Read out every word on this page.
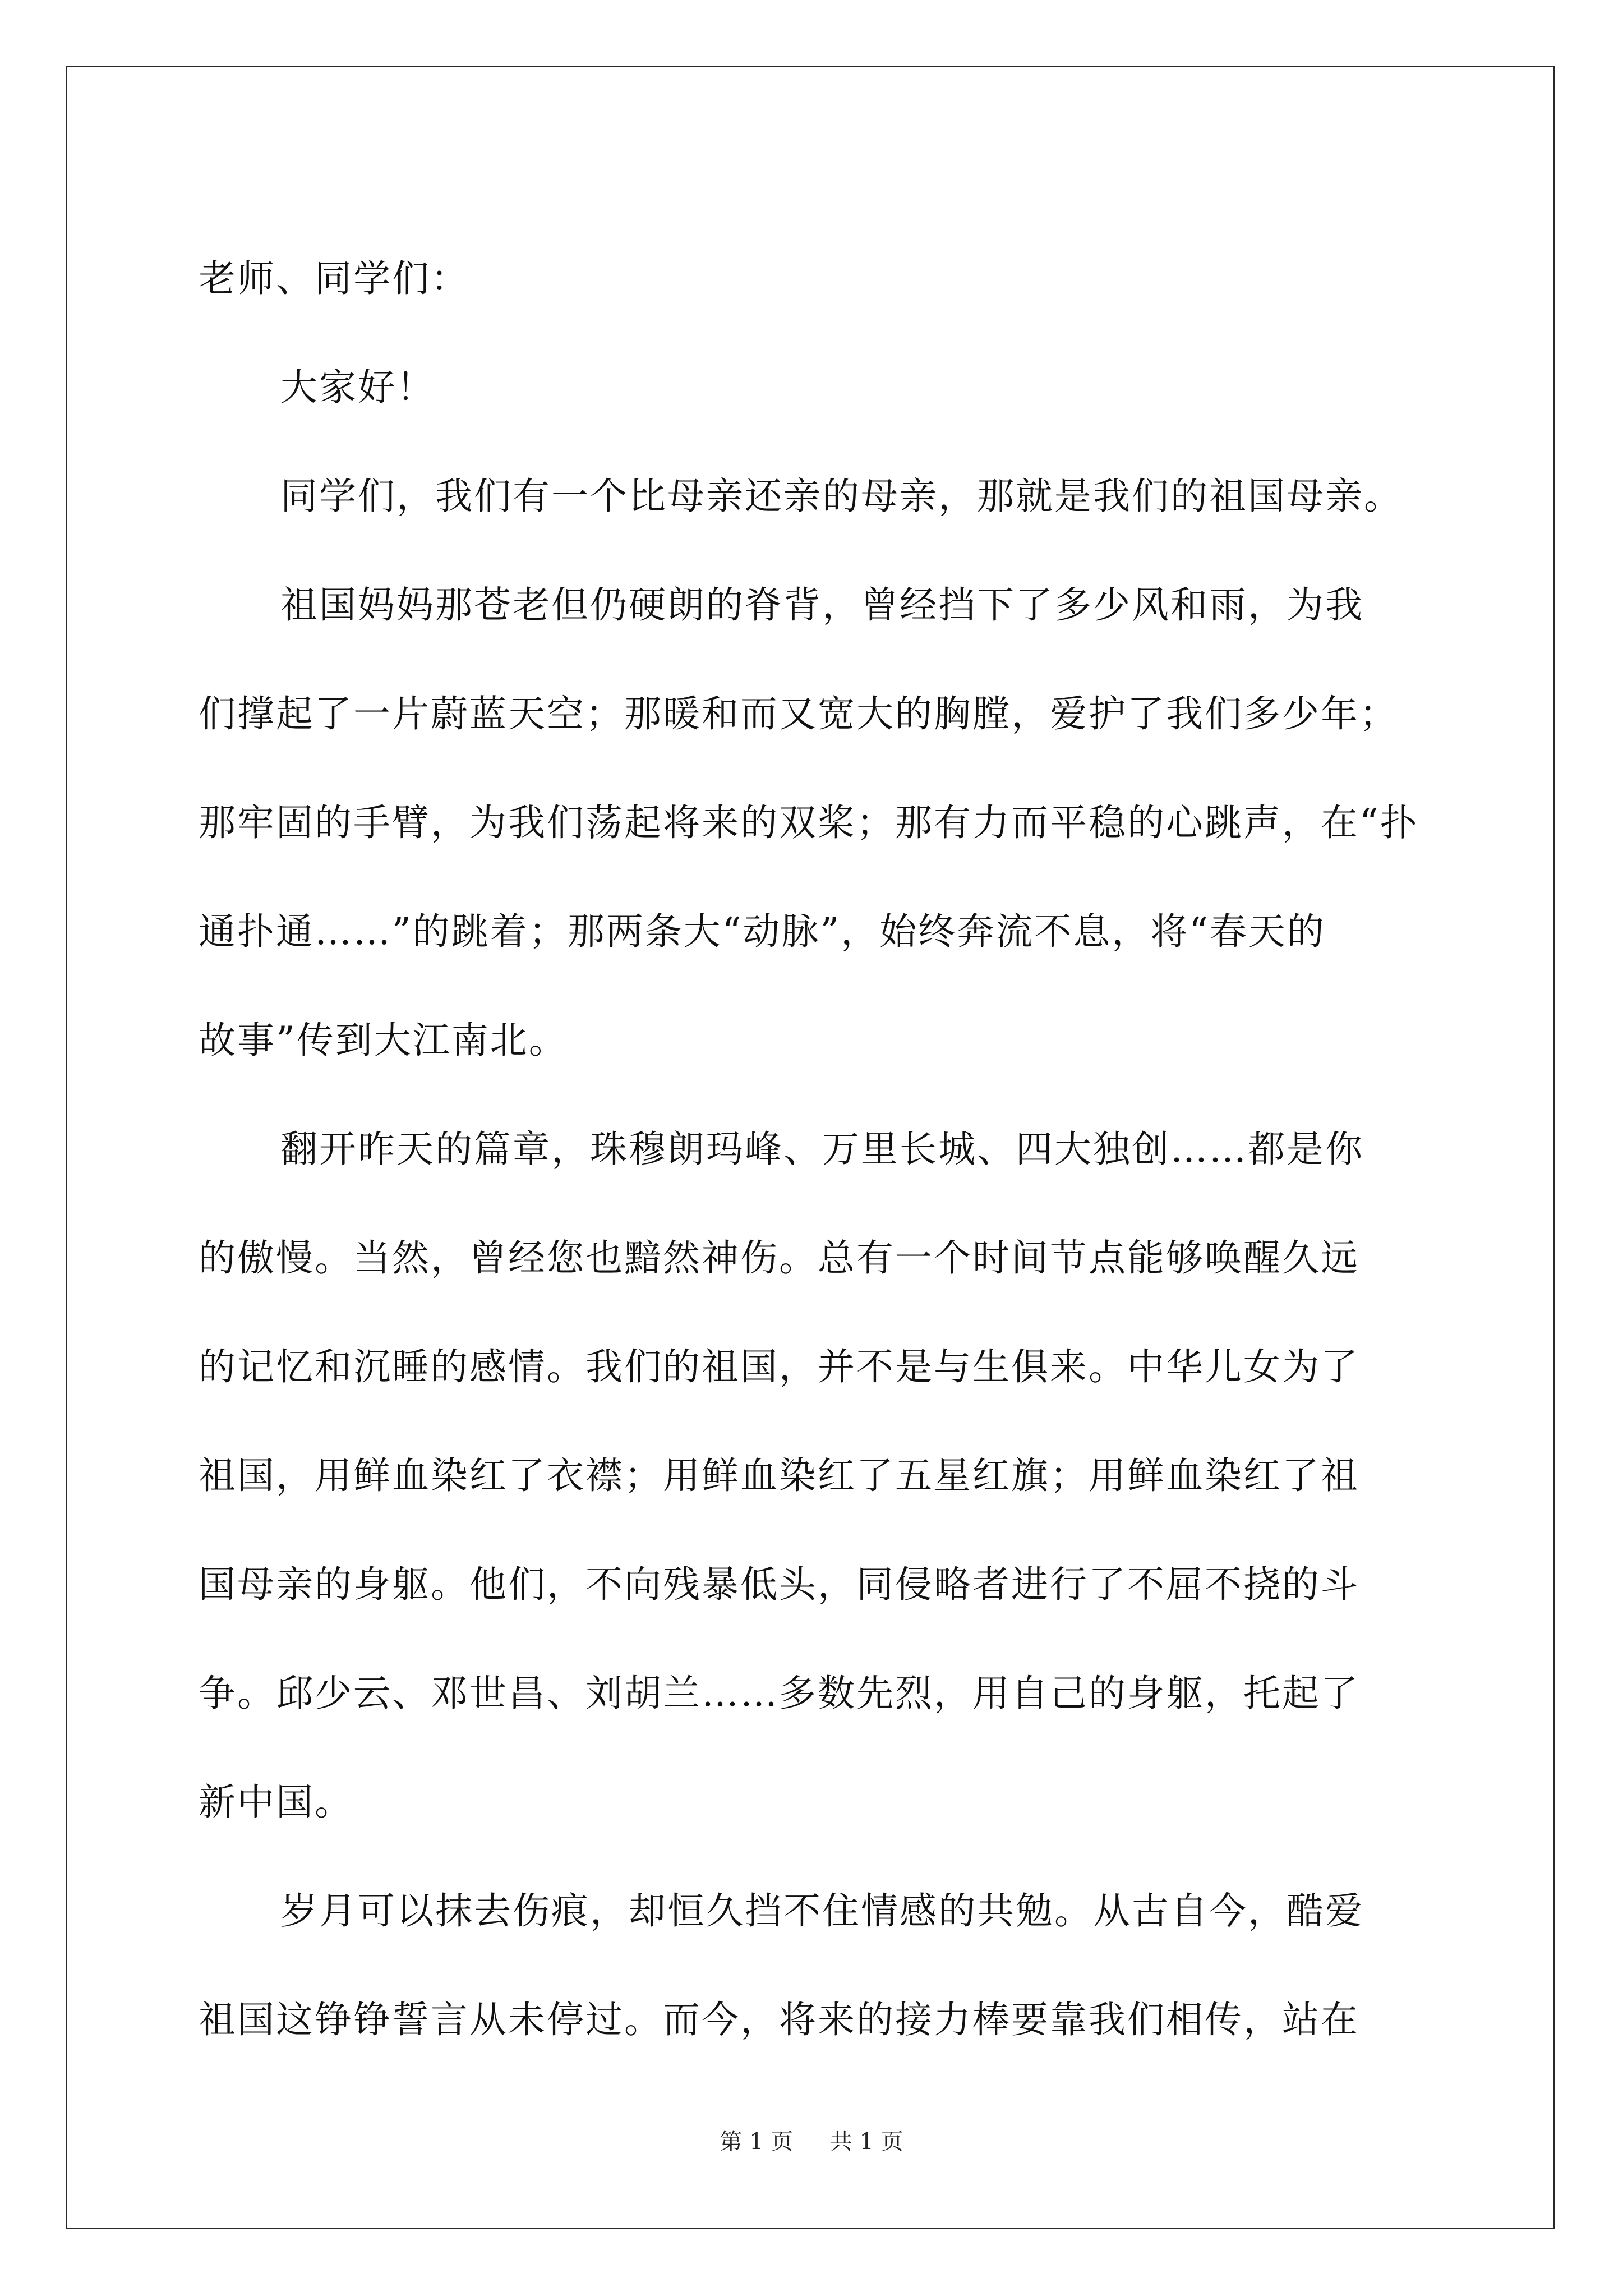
老师、同学们：
大家好！
同学们，我们有一个比母亲还亲的母亲，那就是我们的祖国母亲。
祖国妈妈那苍老但仍硬朗的脊背，曾经挡下了多少风和雨，为我
们撑起了一片蔚蓝天空；那暖和而又宽大的胸膛，爱护了我们多少年；
那牢固的手臂，为我们荡起将来的双桨；那有力而平稳的心跳声，在“扑
通扑通……”的跳着；那两条大“动脉”，始终奔流不息，将“春天的
故事”传到大江南北。
翻开昨天的篇章，珠穆朗玛峰、万里长城、四大独创……都是你
的傲慢。当然，曾经您也黯然神伤。总有一个时间节点能够唤醒久远
的记忆和沉睡的感情。我们的祖国，并不是与生俱来。中华儿女为了
祖国，用鲜血染红了衣襟；用鲜血染红了五星红旗；用鲜血染红了祖
国母亲的身躯。他们，不向残暴低头，同侵略者进行了不屈不挠的斗
争。邱少云、邓世昌、刘胡兰……多数先烈，用自己的身躯，托起了
新中国。
岁月可以抹去伤痕，却恒久挡不住情感的共勉。从古自今，酷爱
祖国这铮铮誓言从未停过。而今，将来的接力棒要靠我们相传，站在
第 1 页 共 1 页
